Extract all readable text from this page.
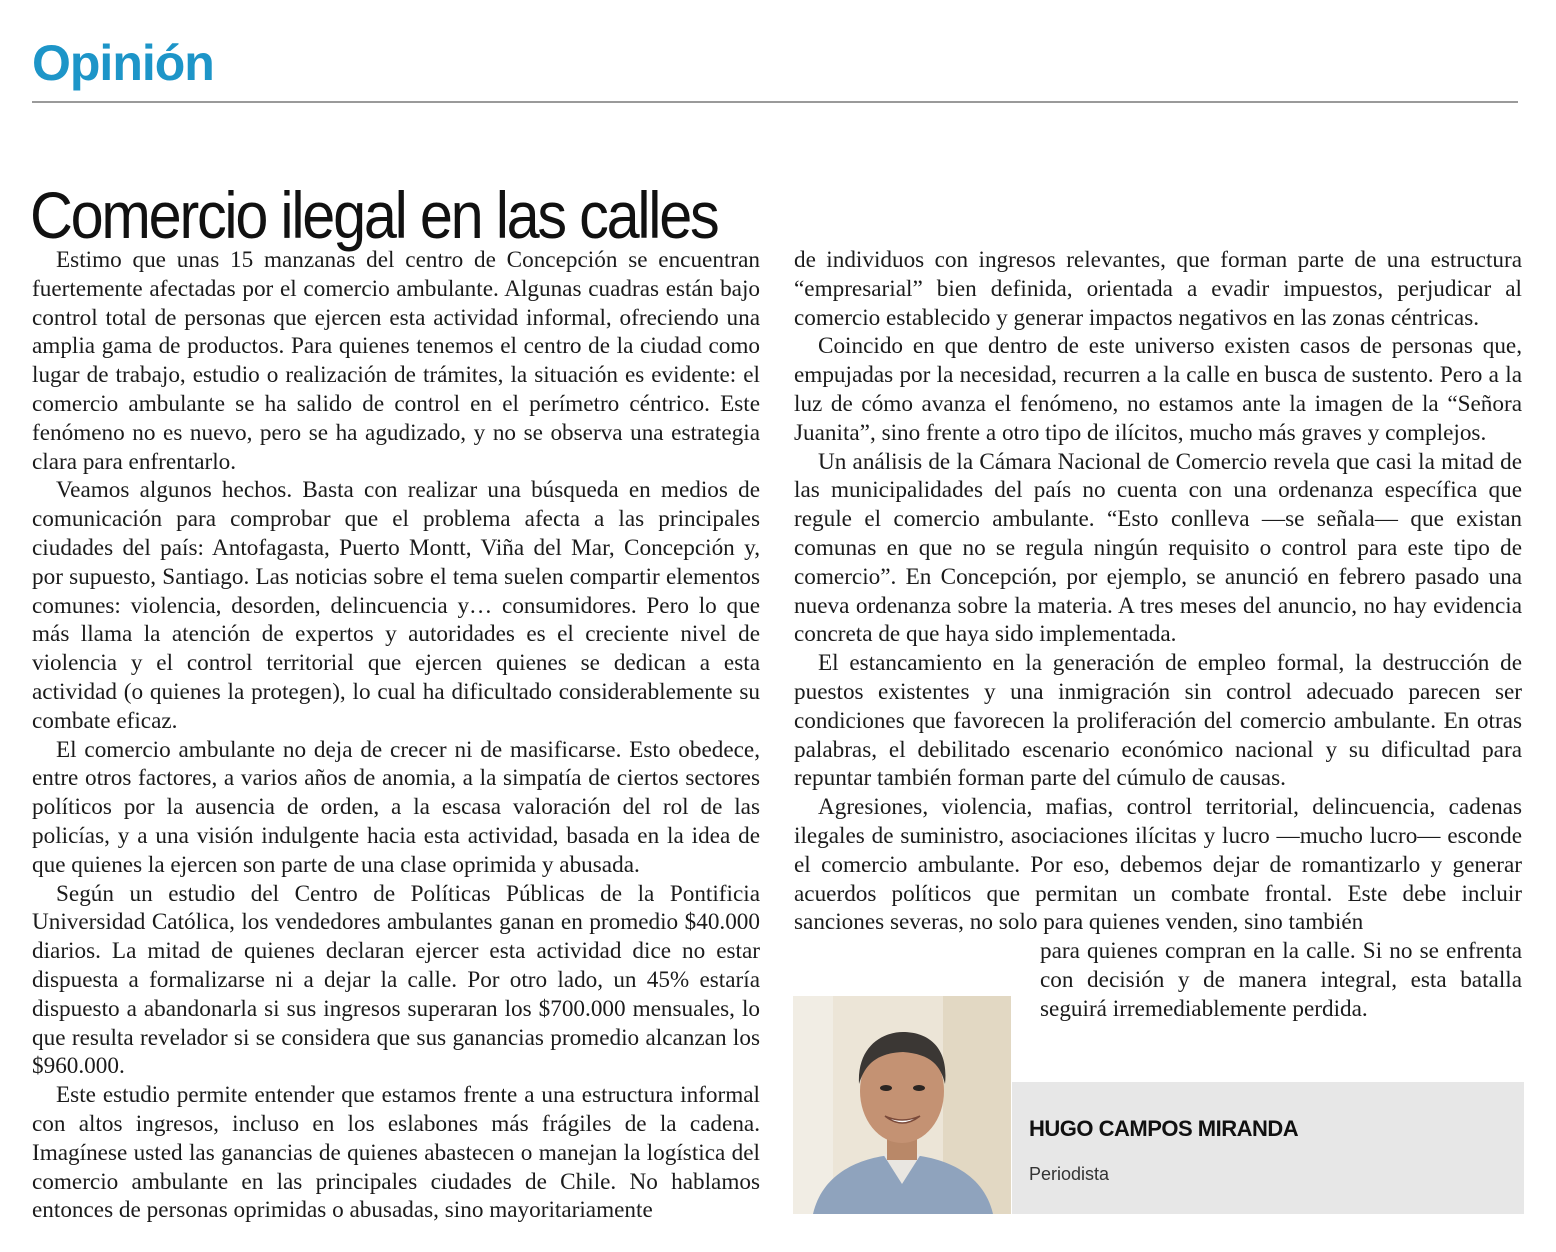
Opinión
Comercio ilegal en las calles

Estimo que unas 15 manzanas del centro de Concepción se encuentran fuertemente afectadas por el comercio ambulante. Algunas cuadras están bajo control total de personas que ejercen esta actividad informal, ofreciendo una amplia gama de productos. Para quienes tenemos el centro de la ciudad como lugar de trabajo, estudio o realización de trámites, la situación es evidente: el comercio ambulante se ha salido de control en el perímetro céntrico. Este fenómeno no es nuevo, pero se ha agudizado, y no se observa una estrategia clara para enfrentarlo.

Veamos algunos hechos. Basta con realizar una búsqueda en medios de comunicación para comprobar que el problema afecta a las principales ciudades del país: Antofagasta, Puerto Montt, Viña del Mar, Concepción y, por supuesto, Santiago. Las noticias sobre el tema suelen compartir elementos comunes: violencia, desorden, delincuencia y… consumidores. Pero lo que más llama la atención de expertos y autoridades es el creciente nivel de violencia y el control territorial que ejercen quienes se dedican a esta actividad (o quienes la protegen), lo cual ha dificultado considerablemente su combate eficaz.

El comercio ambulante no deja de crecer ni de masificarse. Esto obedece, entre otros factores, a varios años de anomia, a la simpatía de ciertos sectores políticos por la ausencia de orden, a la escasa valoración del rol de las policías, y a una visión indulgente hacia esta actividad, basada en la idea de que quienes la ejercen son parte de una clase oprimida y abusada.

Según un estudio del Centro de Políticas Públicas de la Pontificia Universidad Católica, los vendedores ambulantes ganan en promedio $40.000 diarios. La mitad de quienes declaran ejercer esta actividad dice no estar dispuesta a formalizarse ni a dejar la calle. Por otro lado, un 45% estaría dispuesto a abandonarla si sus ingresos superaran los $700.000 mensuales, lo que resulta revelador si se considera que sus ganancias promedio alcanzan los $960.000.

Este estudio permite entender que estamos frente a una estructura informal con altos ingresos, incluso en los eslabones más frágiles de la cadena. Imagínese usted las ganancias de quienes abastecen o manejan la logística del comercio ambulante en las principales ciudades de Chile. No hablamos entonces de personas oprimidas o abusadas, sino mayoritariamente

de individuos con ingresos relevantes, que forman parte de una estructura “empresarial” bien definida, orientada a evadir impuestos, perjudicar al comercio establecido y generar impactos negativos en las zonas céntricas.

Coincido en que dentro de este universo existen casos de personas que, empujadas por la necesidad, recurren a la calle en busca de sustento. Pero a la luz de cómo avanza el fenómeno, no estamos ante la imagen de la “Señora Juanita”, sino frente a otro tipo de ilícitos, mucho más graves y complejos.

Un análisis de la Cámara Nacional de Comercio revela que casi la mitad de las municipalidades del país no cuenta con una ordenanza específica que regule el comercio ambulante. “Esto conlleva —se señala— que existan comunas en que no se regula ningún requisito o control para este tipo de comercio”. En Concepción, por ejemplo, se anunció en febrero pasado una nueva ordenanza sobre la materia. A tres meses del anuncio, no hay evidencia concreta de que haya sido implementada.

El estancamiento en la generación de empleo formal, la destrucción de puestos existentes y una inmigración sin control adecuado parecen ser condiciones que favorecen la proliferación del comercio ambulante. En otras palabras, el debilitado escenario económico nacional y su dificultad para repuntar también forman parte del cúmulo de causas.

Agresiones, violencia, mafias, control territorial, delincuencia, cadenas ilegales de suministro, asociaciones ilícitas y lucro —mucho lucro— esconde el comercio ambulante. Por eso, debemos dejar de romantizarlo y generar acuerdos políticos que permitan un combate frontal. Este debe incluir sanciones severas, no solo para quienes venden, sino también

para quienes compran en la calle. Si no se enfrenta con decisión y de manera integral, esta batalla seguirá irremediablemente perdida.

HUGO CAMPOS MIRANDA
Periodista
